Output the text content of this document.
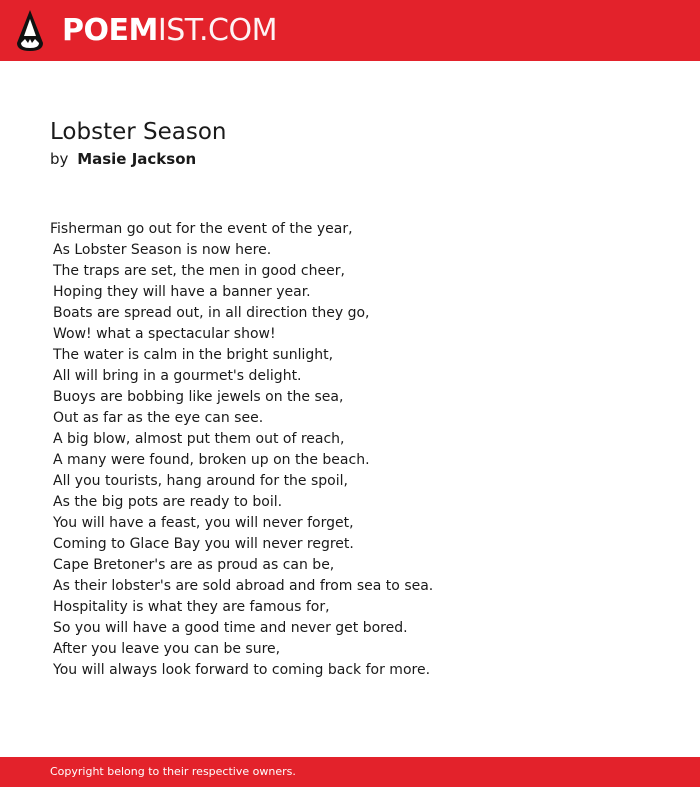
POEMIST.COM
Lobster Season
by Masie Jackson
Fisherman go out for the event of the year,
As Lobster Season is now here.
The traps are set, the men in good cheer,
Hoping they will have a banner year.
Boats are spread out, in all direction they go,
Wow! what a spectacular show!
The water is calm in the bright sunlight,
All will bring in a gourmet's delight.
Buoys are bobbing like jewels on the sea,
Out as far as the eye can see.
A big blow, almost put them out of reach,
A many were found, broken up on the beach.
All you tourists, hang around for the spoil,
As the big pots are ready to boil.
You will have a feast, you will never forget,
Coming to Glace Bay you will never regret.
Cape Bretoner's are as proud as can be,
As their lobster's are sold abroad and from sea to sea.
Hospitality is what they are famous for,
So you will have a good time and never get bored.
After you leave you can be sure,
You will always look forward to coming back for more.
Copyright belong to their respective owners.
